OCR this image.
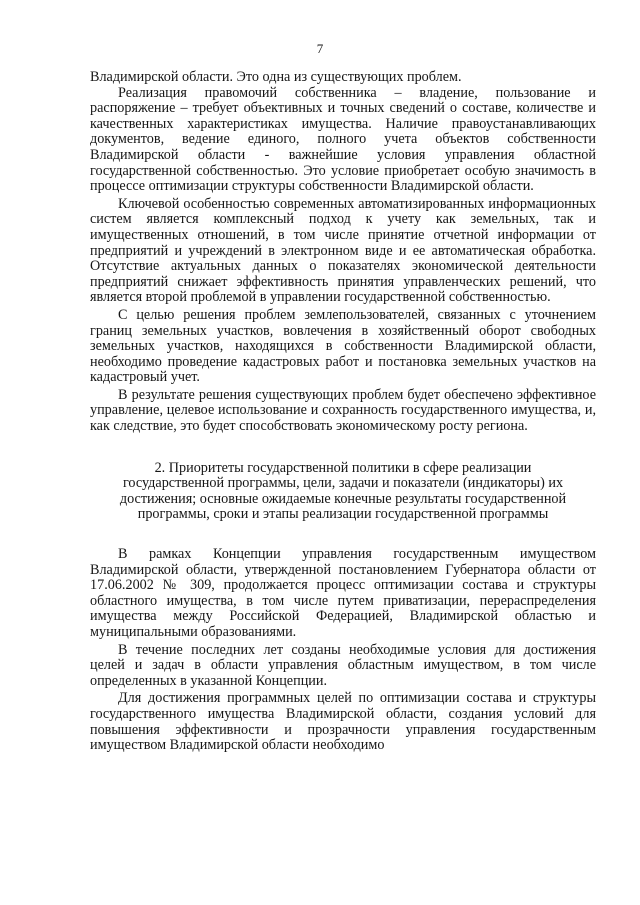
7

Владимирской области. Это одна из существующих проблем.

Реализация правомочий собственника – владение, пользование и распоряжение – требует объективных и точных сведений о составе, количестве и качественных характеристиках имущества. Наличие правоустанавливающих документов, ведение единого, полного учета объектов собственности Владимирской области - важнейшие условия управления областной государственной собственностью. Это условие приобретает особую значимость в процессе оптимизации структуры собственности Владимирской области.

Ключевой особенностью современных автоматизированных информационных систем является комплексный подход к учету как земельных, так и имущественных отношений, в том числе принятие отчетной информации от предприятий и учреждений в электронном виде и ее автоматическая обработка. Отсутствие актуальных данных о показателях экономической деятельности предприятий снижает эффективность принятия управленческих решений, что является второй проблемой в управлении государственной собственностью.

С целью решения проблем землепользователей, связанных с уточнением границ земельных участков, вовлечения в хозяйственный оборот свободных земельных участков, находящихся в собственности Владимирской области, необходимо проведение кадастровых работ и постановка земельных участков на кадастровый учет.

В результате решения существующих проблем будет обеспечено эффективное управление, целевое использование и сохранность государственного имущества, и, как следствие, это будет способствовать экономическому росту региона.

2. Приоритеты государственной политики в сфере реализации государственной программы, цели, задачи и показатели (индикаторы) их достижения; основные ожидаемые конечные результаты государственной программы, сроки и этапы реализации государственной программы

В рамках Концепции управления государственным имуществом Владимирской области, утвержденной постановлением Губернатора области от 17.06.2002 № 309, продолжается процесс оптимизации состава и структуры областного имущества, в том числе путем приватизации, перераспределения имущества между Российской Федерацией, Владимирской областью и муниципальными образованиями.

В течение последних лет созданы необходимые условия для достижения целей и задач в области управления областным имуществом, в том числе определенных в указанной Концепции.

Для достижения программных целей по оптимизации состава и структуры государственного имущества Владимирской области, создания условий для повышения эффективности и прозрачности управления государственным имуществом Владимирской области необходимо
